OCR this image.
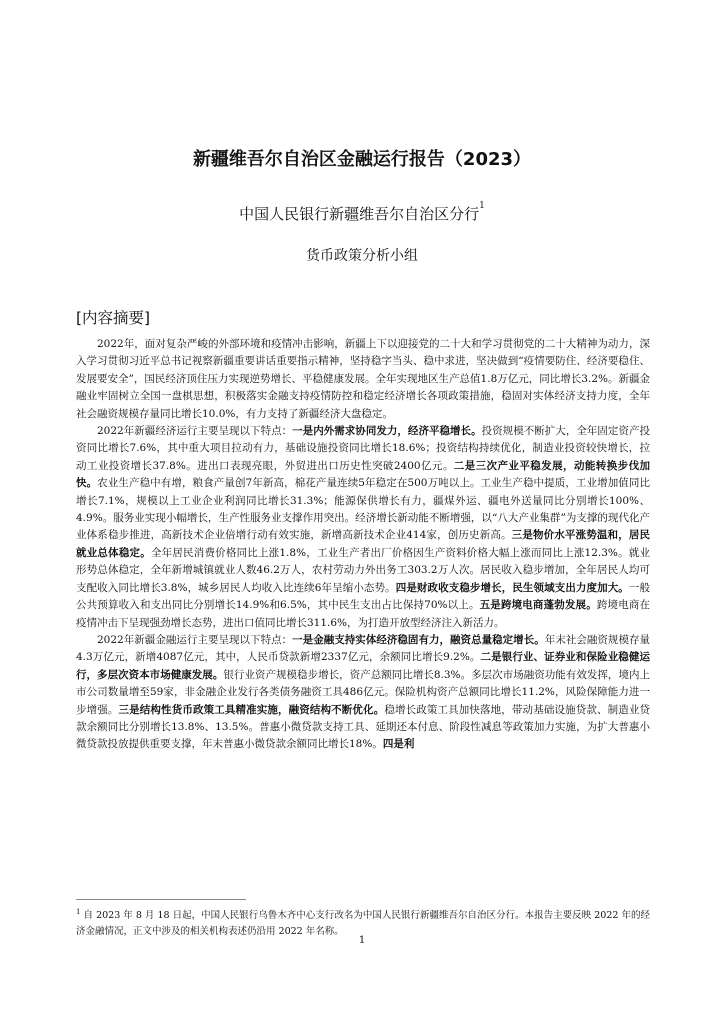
新疆维吾尔自治区金融运行报告（2023）
中国人民银行新疆维吾尔自治区分行$^1$
货币政策分析小组
[内容摘要]

2022年，面对复杂严峻的外部环境和疫情冲击影响，新疆上下以迎接党的二十大和学习贯彻党的二十大精神为动力，深入学习贯彻习近平总书记视察新疆重要讲话重要指示精神，坚持稳字当头、稳中求进，坚决做到“疫情要防住、经济要稳住、发展要安全”，国民经济顶住压力实现逆势增长、平稳健康发展。全年实现地区生产总值1.8万亿元，同比增长3.2%。新疆金融业牢固树立全国一盘棋思想，积极落实金融支持疫情防控和稳定经济增长各项政策措施，稳固对实体经济支持力度，全年社会融资规模存量同比增长10.0%，有力支持了新疆经济大盘稳定。

2022年新疆经济运行主要呈现以下特点：一是内外需求协同发力，经济平稳增长。投资规模不断扩大，全年固定资产投资同比增长7.6%，其中重大项目拉动有力，基础设施投资同比增长18.6%；投资结构持续优化，制造业投资较快增长，拉动工业投资增长37.8%。进出口表现亮眼，外贸进出口历史性突破2400亿元。二是三次产业平稳发展，动能转换步伐加快。农业生产稳中有增，粮食产量创7年新高，棉花产量连续5年稳定在500万吨以上。工业生产稳中提质，工业增加值同比增长7.1%，规模以上工业企业利润同比增长31.3%；能源保供增长有力，疆煤外运、疆电外送量同比分别增长100%、4.9%。服务业实现小幅增长，生产性服务业支撑作用突出。经济增长新动能不断增强，以“八大产业集群”为支撑的现代化产业体系稳步推进，高新技术企业倍增行动有效实施，新增高新技术企业414家，创历史新高。三是物价水平涨势温和，居民就业总体稳定。全年居民消费价格同比上涨1.8%，工业生产者出厂价格因生产资料价格大幅上涨而同比上涨12.3%。就业形势总体稳定，全年新增城镇就业人数46.2万人，农村劳动力外出务工303.2万人次。居民收入稳步增加，全年居民人均可支配收入同比增长3.8%，城乡居民人均收入比连续6年呈缩小态势。四是财政收支稳步增长，民生领域支出力度加大。一般公共预算收入和支出同比分别增长14.9%和6.5%，其中民生支出占比保持70%以上。五是跨境电商蓬勃发展。跨境电商在疫情冲击下呈现强劲增长态势，进出口值同比增长311.6%，为打造开放型经济注入新活力。

2022年新疆金融运行主要呈现以下特点：一是金融支持实体经济稳固有力，融资总量稳定增长。年末社会融资规模存量4.3万亿元，新增4087亿元，其中，人民币贷款新增2337亿元，余额同比增长9.2%。二是银行业、证券业和保险业稳健运行，多层次资本市场健康发展。银行业资产规模稳步增长，资产总额同比增长8.3%。多层次市场融资功能有效发挥，境内上市公司数量增至59家，非金融企业发行各类债务融资工具486亿元。保险机构资产总额同比增长11.2%，风险保障能力进一步增强。三是结构性货币政策工具精准实施，融资结构不断优化。稳增长政策工具加快落地，带动基础设施贷款、制造业贷款余额同比分别增长13.8%、13.5%。普惠小微贷款支持工具、延期还本付息、阶段性减息等政策加力实施，为扩大普惠小微贷款投放提供重要支撑，年末普惠小微贷款余额同比增长18%。四是利

$^1$ 自 2023 年 8 月 18 日起，中国人民银行乌鲁木齐中心支行改名为中国人民银行新疆维吾尔自治区分行。本报告主要反映 2022 年的经济金融情况，正文中涉及的相关机构表述仍沿用 2022 年名称。
1
